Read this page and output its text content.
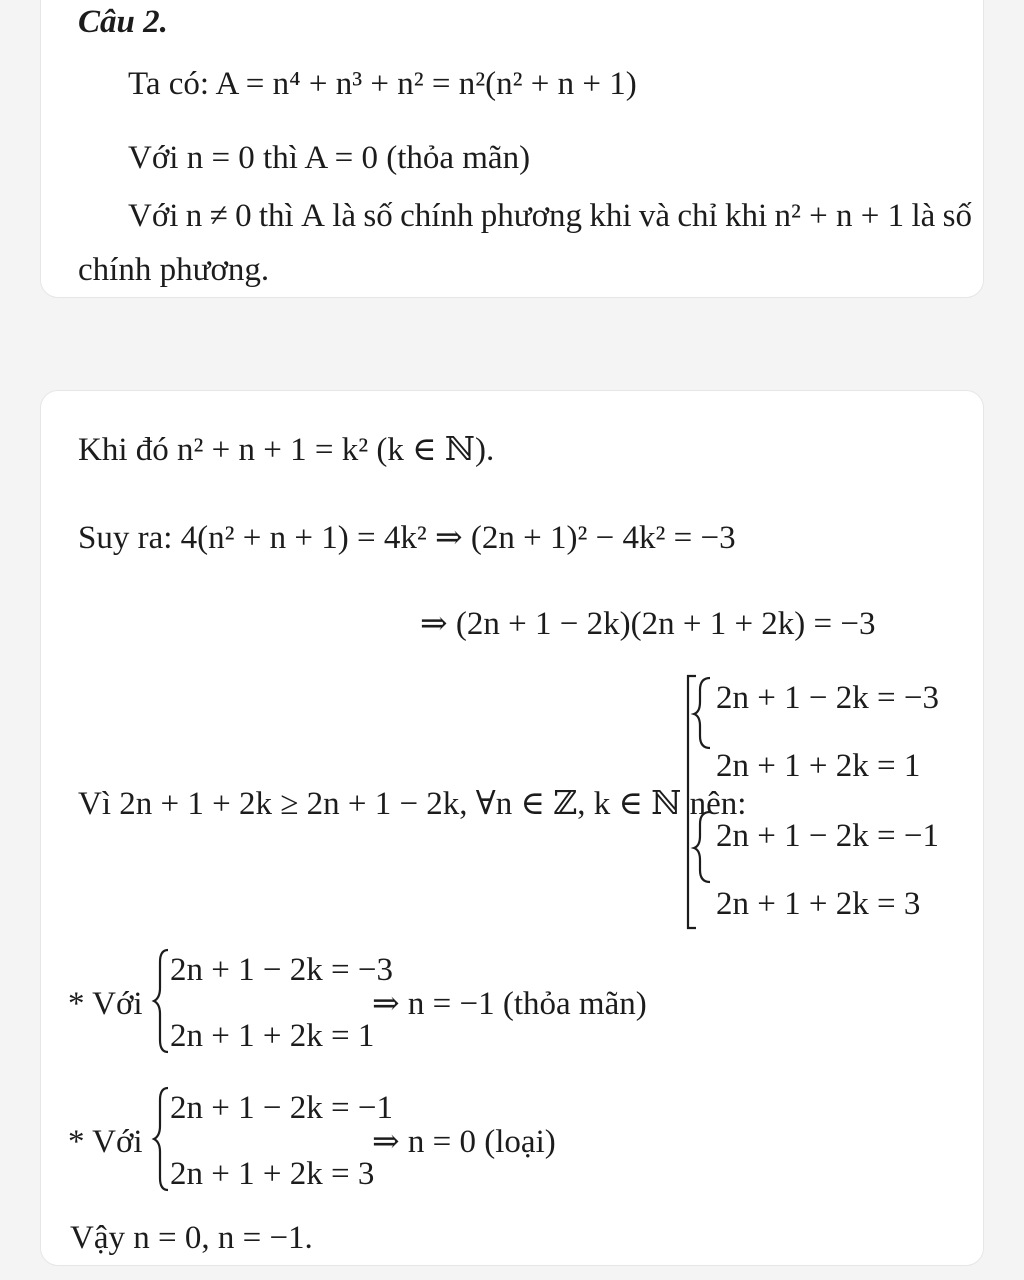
Câu 2.
Ta có: A = n⁴ + n³ + n² = n²(n² + n + 1)
Với n = 0 thì A = 0 (thỏa mãn)
Với n ≠ 0 thì A là số chính phương khi và chỉ khi n² + n + 1 là số
chính phương.
Khi đó n² + n + 1 = k² (k ∈ ℕ).
Suy ra: 4(n² + n + 1) = 4k² ⇒ (2n + 1)² − 4k² = −3
⇒ (2n + 1 − 2k)(2n + 1 + 2k) = −3
Vì 2n + 1 + 2k ≥ 2n + 1 − 2k, ∀n ∈ ℤ, k ∈ ℕ nên:
2n + 1 − 2k = −3
2n + 1 + 2k = 1
2n + 1 − 2k = −1
2n + 1 + 2k = 3
* Với
2n + 1 − 2k = −3
2n + 1 + 2k = 1
⇒ n = −1 (thỏa mãn)
* Với
2n + 1 − 2k = −1
2n + 1 + 2k = 3
⇒ n = 0 (loại)
Vậy n = 0, n = −1.
